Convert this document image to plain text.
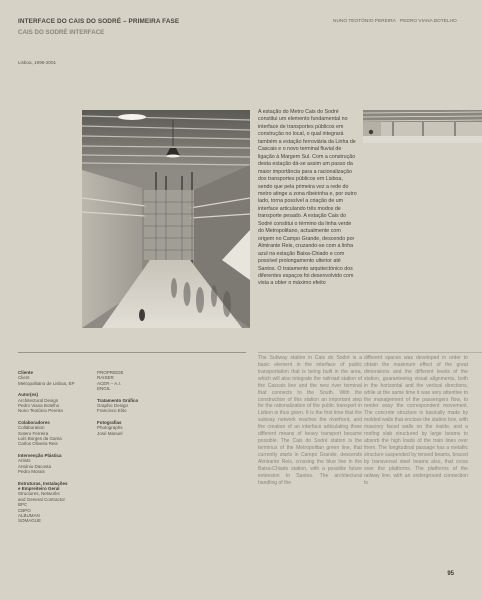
INTERFACE DO CAIS DO SODRÉ – PRIMEIRA FASE
CAIS DO SODRÉ INTERFACE
NUNO TEOTÓNIO PEREIRA PEDRO VIANA BOTELHO
Lisboa, 1996-2001

A estação do Metro Cais do Sodré constitui um elemento fundamental no interface de transportes públicos em construção no local, o qual integrará também a estação ferroviária da Linha de Cascais e o novo terminal fluvial de ligação à Margem Sul. Com a construção desta estação dá-se assim um passo da maior importância para a racionalização dos transportes públicos em Lisboa, sendo que pela primeira vez a rede do metro atinge a zona ribeirinha e, por outro lado, torna possível a criação de um interface articulando três modos de transporte pesado. A estação Cais do Sodré constitui o término da linha verde do Metropolitano, actualmente com origem no Campo Grande, descendo por Almirante Reis, cruzando-se com a linha azul na estação Baixa-Chiado e com possível prolongamento ulterior até Santos. O tratamento arquitectónico dos diferentes espaços foi desenvolvido com vista a obter o máximo efeito

Cliente
Client
Metropolitano de Lisboa, EP
Autor(es)
Architectural Design
Pedro Viana Botelho
Nuno Teotónio Pereira
Colaboradores
Collaboration
Sotero Ferreira
Luís Borges da Gama
Carlos Oliveira Reis
Intervenção Plástica
Artists
António Dacosta
Pedro Morais
Estruturas, Instalações
e Empreiteiro Geral
Structures, Networks
and General Contractor
BPC
CBPO
ALBUMAN
SOMAGUE
PROPRIEDE
RAISER
ACER – A.I.
ENGIL
Tratamento Gráfico
Graphic Design
Francisco Elito
Fotografias
Photographs
José Manuel
The Subway station in Cais do Sodré is a basic element in the interface of public transportation that is being built in the area, which will also integrate the railroad station of the Cascais line and the new river terminal that connects to the South. With the construction of this station an important step for the rationalization of the public transport in Lisbon is thus given. It is the first time that the subway network reaches the riverfront, and the creation of an interface articulating three different means of heavy transport became possible. The Cais do Sodré station is the terminus of the Metropolitan green line, that currently starts in Campo Grande, descends Almirante Reis, crossing the blue line in the Baixa-Chiado station, with a possible future extension to Santos. The architectural handling of the
different spaces was developed in order to obtain the maximum effect of the great dimensions and the different levels of the station, guaranteeing visual alignments, both in the horizontal and the vertical directions, while at the same time it was very attentive to the management of the passengers flow, to render easy the correspondent movement. The concrete structure is basically made by molded walls that enclose the station box, with masonry faced walls on the inside, and a roofing slab structured by large beams to absorb the high loads of the train lines over them. The longitudinal passage has a metallic structure suspended by tensed beams, braced by transversal steel beams also, that cross over the platforms. The platforms of the railway line, with an underground connection to
95
